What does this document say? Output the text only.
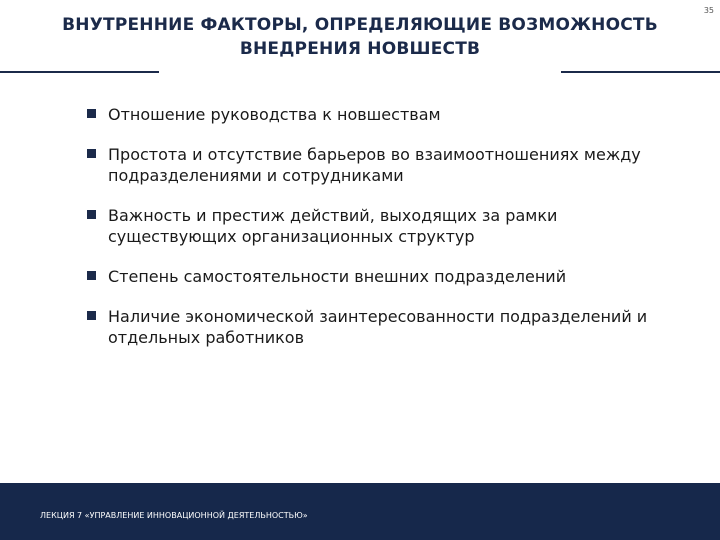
35
ВНУТРЕННИЕ ФАКТОРЫ, ОПРЕДЕЛЯЮЩИЕ ВОЗМОЖНОСТЬ
ВНЕДРЕНИЯ НОВШЕСТВ
Отношение руководства к новшествам
Простота и отсутствие барьеров во взаимоотношениях между подразделениями и сотрудниками
Важность и престиж действий, выходящих за рамки существующих организационных структур
Степень самостоятельности внешних подразделений
Наличие экономической заинтересованности подразделений и отдельных работников
ЛЕКЦИЯ 7 «УПРАВЛЕНИЕ ИННОВАЦИОННОЙ ДЕЯТЕЛЬНОСТЬЮ»
